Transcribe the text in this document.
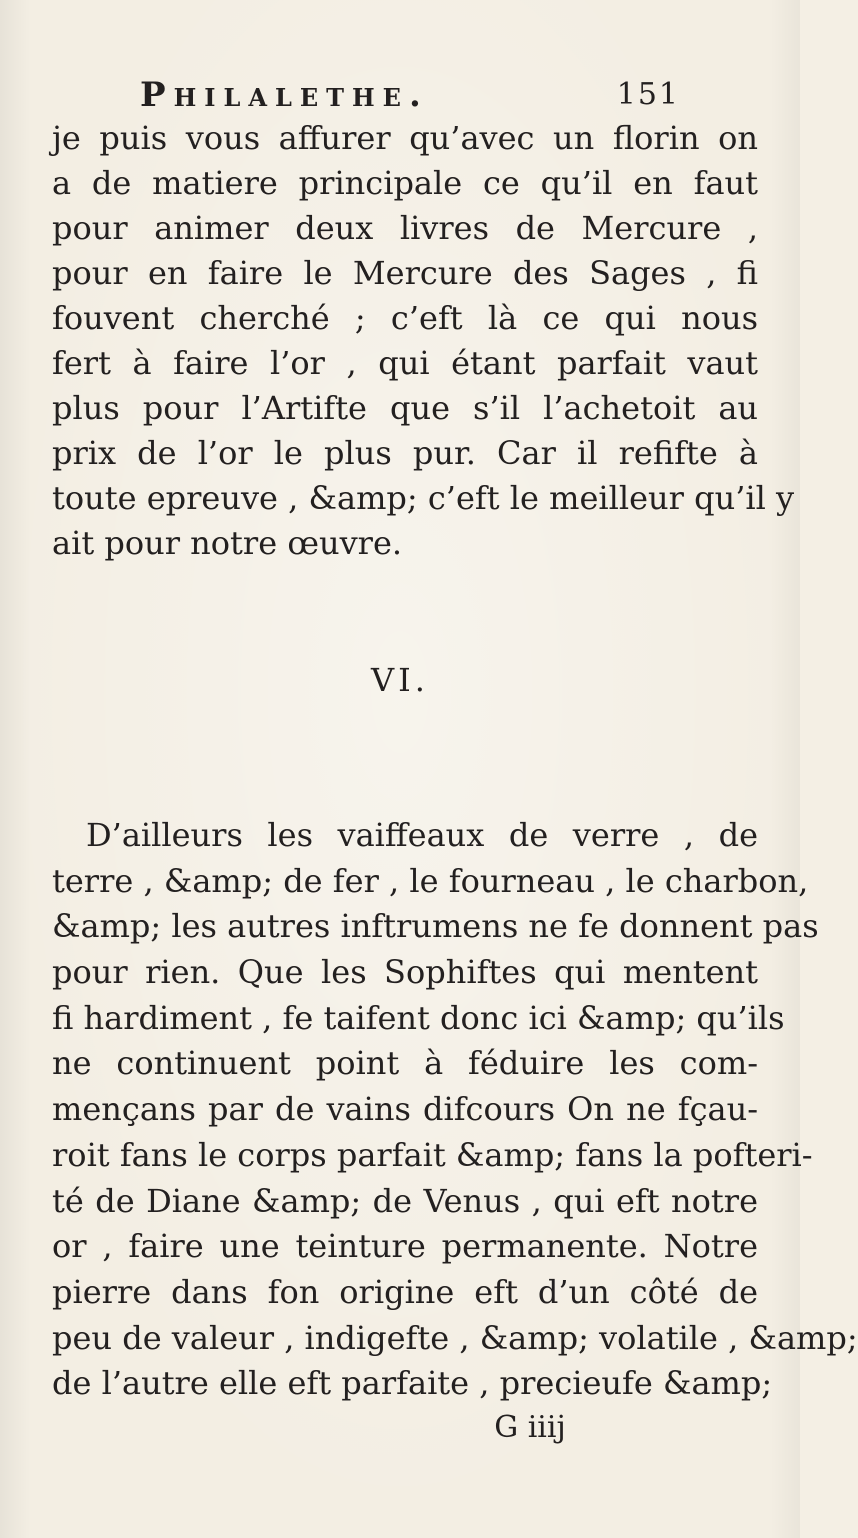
Philalethe.	151
je puis vous affurer qu’avec un florin on
a de matiere principale ce qu’il en faut
pour animer deux livres de Mercure ,
pour en faire le Mercure des Sages , fi
fouvent cherché ; c’eft là ce qui nous
fert à faire l’or , qui étant parfait vaut
plus pour l’Artifte que s’il l’achetoit au
prix de l’or le plus pur. Car il refifte à
toute epreuve , &amp; c’eft le meilleur qu’il y
ait pour notre œuvre.
VI.
D’ailleurs les vaiffeaux de verre , de
terre , &amp; de fer , le fourneau , le charbon,
&amp; les autres inftrumens ne fe donnent pas
pour rien. Que les Sophiftes qui mentent
fi hardiment , fe taifent donc ici &amp; qu’ils
ne continuent point à féduire les com-
mençans par de vains difcours On ne fçau-
roit fans le corps parfait &amp; fans la pofteri-
té de Diane &amp; de Venus , qui eft notre
or , faire une teinture permanente. Notre
pierre dans fon origine eft d’un côté de
peu de valeur , indigefte , &amp; volatile , &amp;
de l’autre elle eft parfaite , precieufe &amp;
G iiij
